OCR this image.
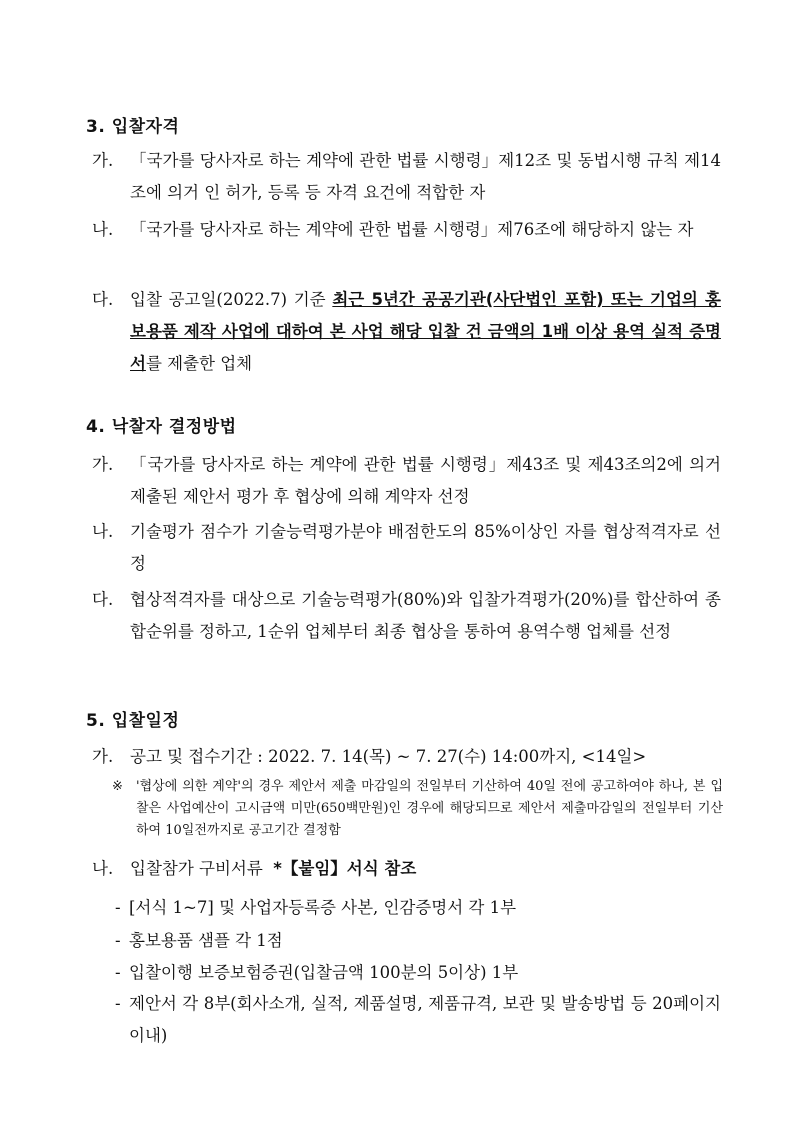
3. 입찰자격
가. 「국가를 당사자로 하는 계약에 관한 법률 시행령」제12조 및 동법시행 규칙 제14조에 의거 인 허가, 등록 등 자격 요건에 적합한 자
나. 「국가를 당사자로 하는 계약에 관한 법률 시행령」제76조에 해당하지 않는 자
다. 입찰 공고일(2022.7) 기준 최근 5년간 공공기관(사단법인 포함) 또는 기업의 홍보용품 제작 사업에 대하여 본 사업 해당 입찰 건 금액의 1배 이상 용역 실적 증명서를 제출한 업체
4. 낙찰자 결정방법
가. 「국가를 당사자로 하는 계약에 관한 법률 시행령」제43조 및 제43조의2에 의거 제출된 제안서 평가 후 협상에 의해 계약자 선정
나. 기술평가 점수가 기술능력평가분야 배점한도의 85%이상인 자를 협상적격자로 선정
다. 협상적격자를 대상으로 기술능력평가(80%)와 입찰가격평가(20%)를 합산하여 종합순위를 정하고, 1순위 업체부터 최종 협상을 통하여 용역수행 업체를 선정
5. 입찰일정
가. 공고 및 접수기간 : 2022. 7. 14(목) ~ 7. 27(수) 14:00까지, <14일>
※ '협상에 의한 계약'의 경우 제안서 제출 마감일의 전일부터 기산하여 40일 전에 공고하여야 하나, 본 입찰은 사업예산이 고시금액 미만(650백만원)인 경우에 해당되므로 제안서 제출마감일의 전일부터 기산하여 10일전까지로 공고기간 결정함
나. 입찰참가 구비서류 *【붙임】서식 참조
- [서식 1~7] 및 사업자등록증 사본, 인감증명서 각 1부
- 홍보용품 샘플 각 1점
- 입찰이행 보증보험증권(입찰금액 100분의 5이상) 1부
- 제안서 각 8부(회사소개, 실적, 제품설명, 제품규격, 보관 및 발송방법 등 20페이지 이내)
